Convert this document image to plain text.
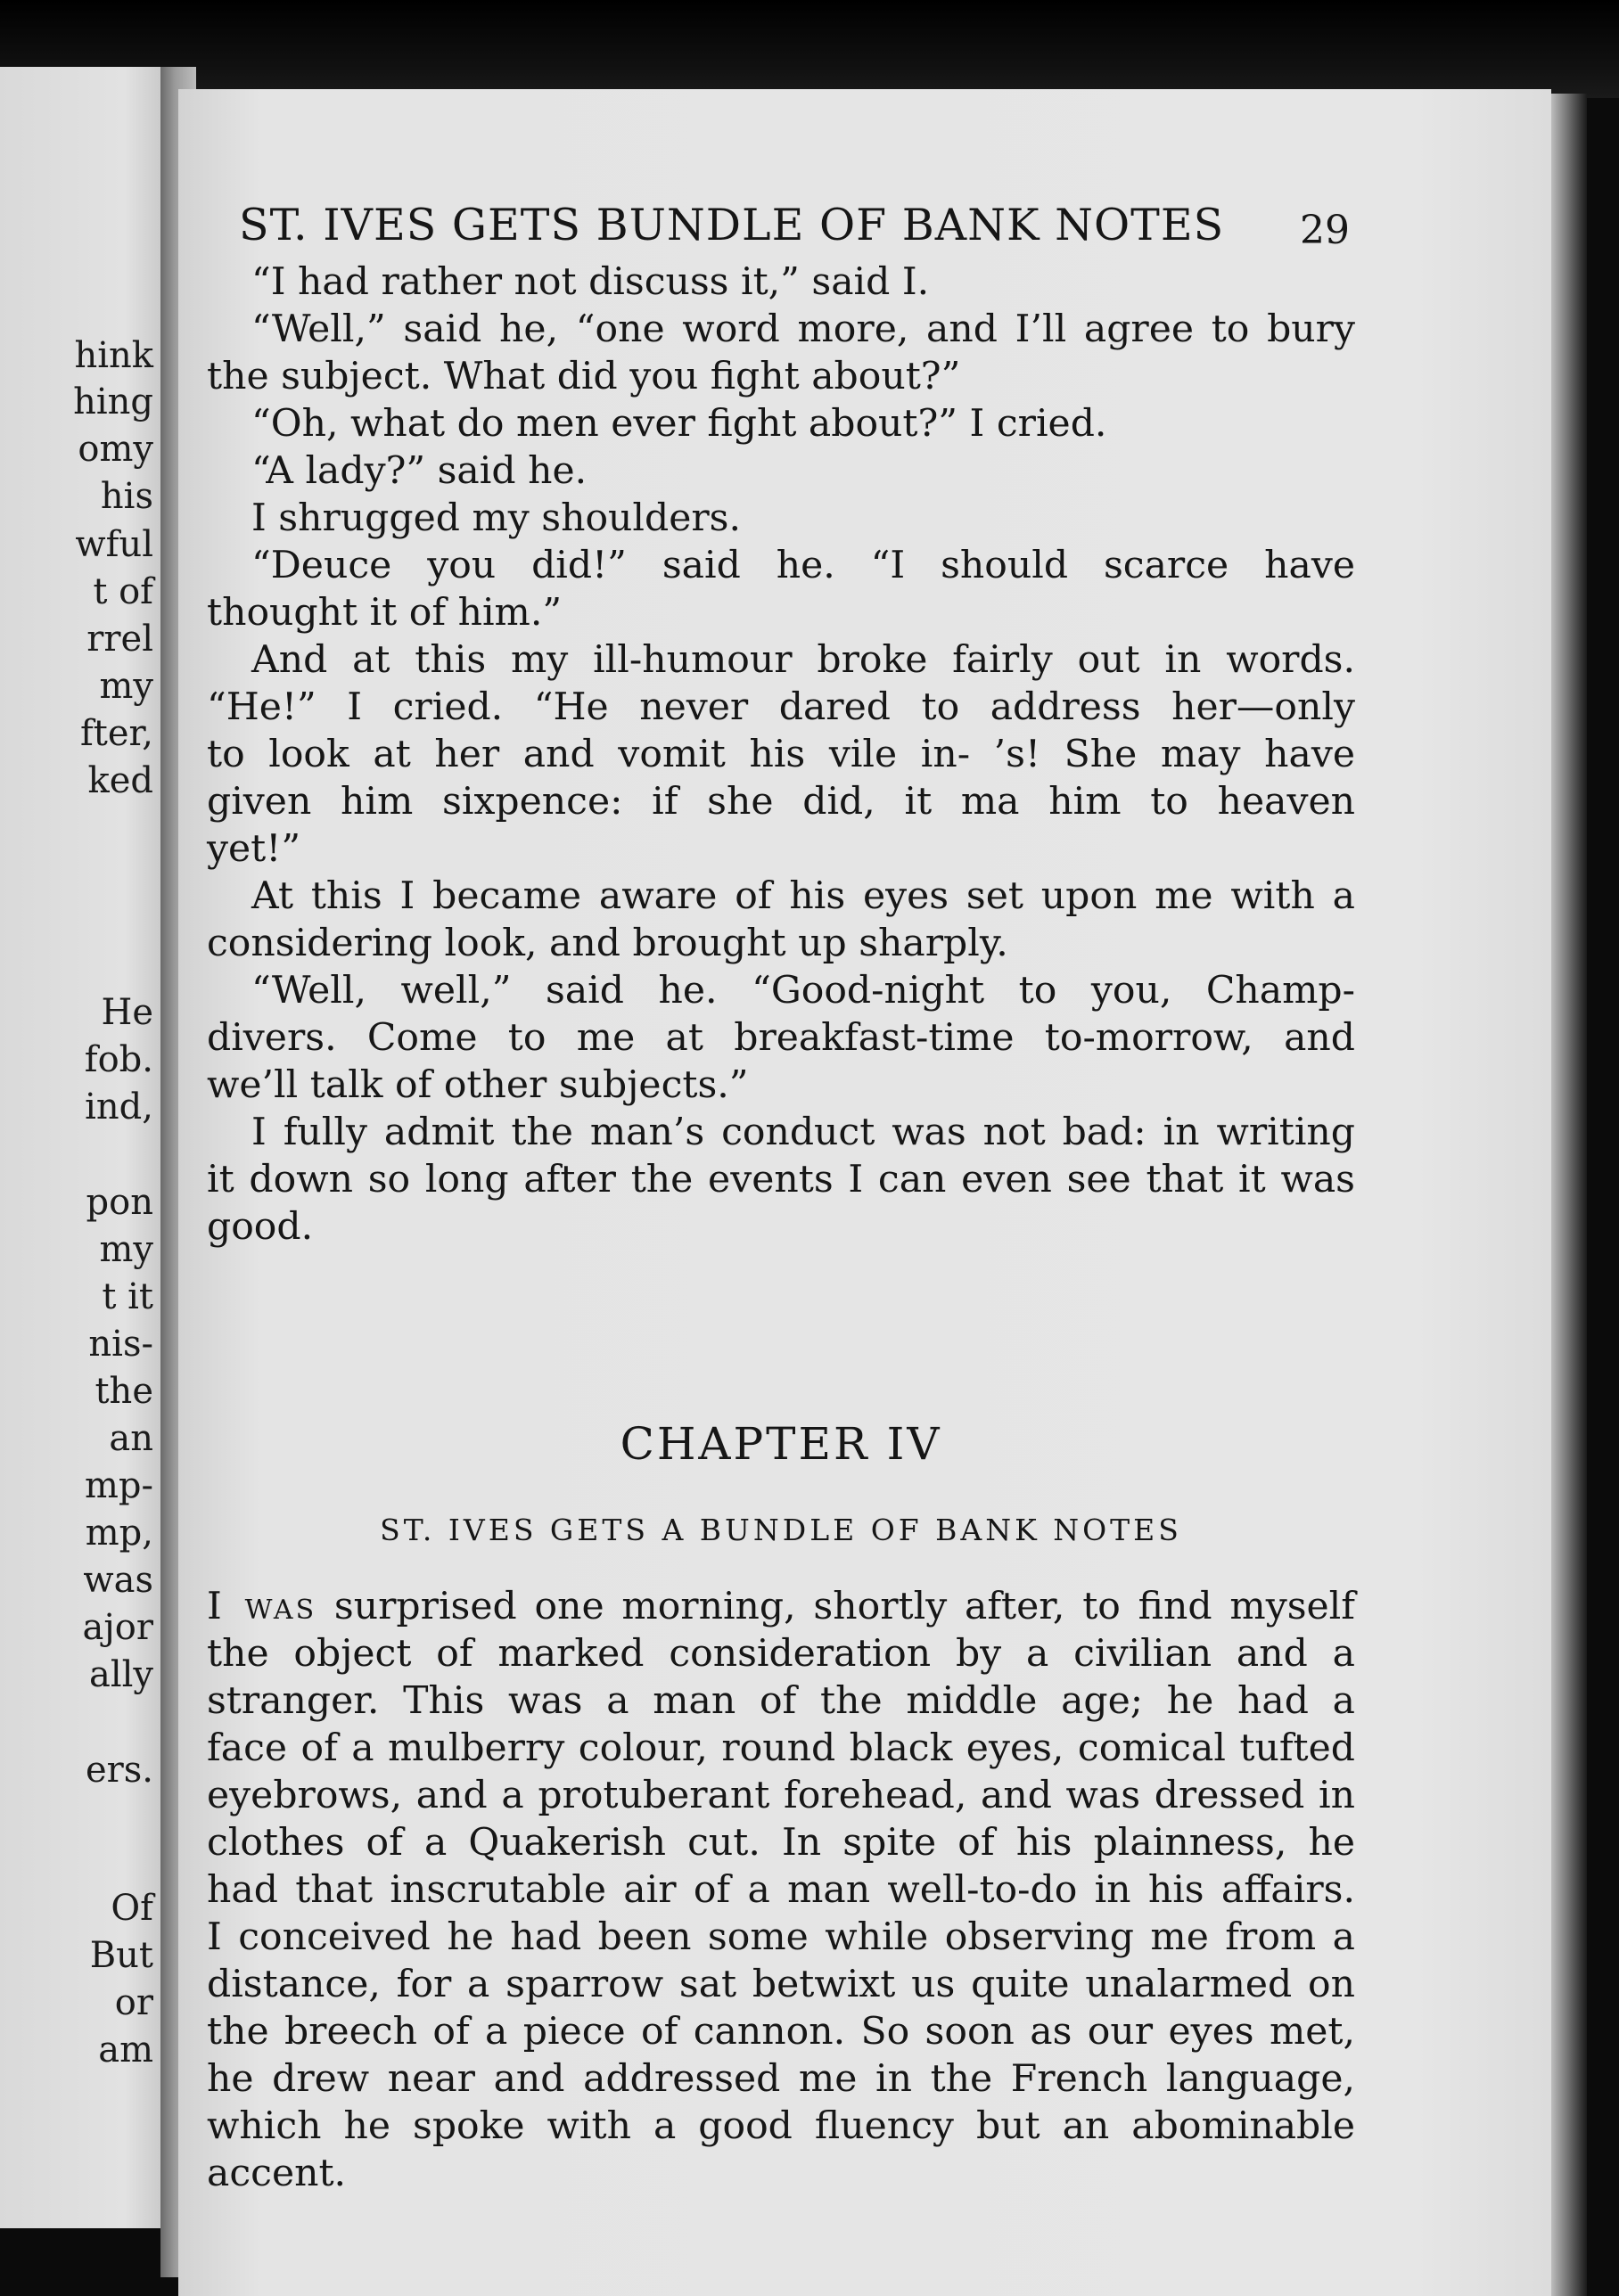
hink
hing
omy
his
wful
t of
rrel
my
fter,
ked
He
fob.
ind,
pon
my
t it
nis-
the
an
mp-
mp,
was
ajor
ally
ers.
Of
But
or
am
ST. IVES GETS BUNDLE OF BANK NOTES	29
“I had rather not discuss it,” said I.
“Well,” said he, “one word more, and I’ll agree to bury
the subject. What did you fight about?”
“Oh, what do men ever fight about?” I cried.
“A lady?” said he.
I shrugged my shoulders.
“Deuce you did!” said he. “I should scarce have
thought it of him.”
And at this my ill-humour broke fairly out in words.
“He!” I cried. “He never dared to address her—only
to look at her and vomit his vile in- ’s! She may have
given him sixpence: if she did, it ma him to heaven
yet!”
At this I became aware of his eyes set upon me with a
considering look, and brought up sharply.
“Well, well,” said he. “Good-night to you, Champ-
divers. Come to me at breakfast-time to-morrow, and
we’ll talk of other subjects.”
I fully admit the man’s conduct was not bad: in writing
it down so long after the events I can even see that it was
good.
CHAPTER IV
ST. IVES GETS A BUNDLE OF BANK NOTES
I was surprised one morning, shortly after, to find myself
the object of marked consideration by a civilian and a
stranger. This was a man of the middle age; he had a
face of a mulberry colour, round black eyes, comical tufted
eyebrows, and a protuberant forehead, and was dressed in
clothes of a Quakerish cut. In spite of his plainness, he
had that inscrutable air of a man well-to-do in his affairs.
I conceived he had been some while observing me from a
distance, for a sparrow sat betwixt us quite unalarmed on
the breech of a piece of cannon. So soon as our eyes met,
he drew near and addressed me in the French language,
which he spoke with a good fluency but an abominable
accent.
